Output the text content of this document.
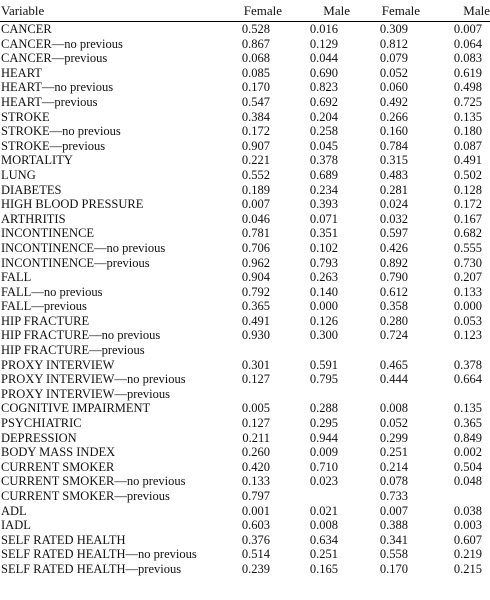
Variable	Female	Male	Female	Male
CANCER	0.528	0.016	0.309	0.007
CANCER—no previous	0.867	0.129	0.812	0.064
CANCER—previous	0.068	0.044	0.079	0.083
HEART	0.085	0.690	0.052	0.619
HEART—no previous	0.170	0.823	0.060	0.498
HEART—previous	0.547	0.692	0.492	0.725
STROKE	0.384	0.204	0.266	0.135
STROKE—no previous	0.172	0.258	0.160	0.180
STROKE—previous	0.907	0.045	0.784	0.087
MORTALITY	0.221	0.378	0.315	0.491
LUNG	0.552	0.689	0.483	0.502
DIABETES	0.189	0.234	0.281	0.128
HIGH BLOOD PRESSURE	0.007	0.393	0.024	0.172
ARTHRITIS	0.046	0.071	0.032	0.167
INCONTINENCE	0.781	0.351	0.597	0.682
INCONTINENCE—no previous	0.706	0.102	0.426	0.555
INCONTINENCE—previous	0.962	0.793	0.892	0.730
FALL	0.904	0.263	0.790	0.207
FALL—no previous	0.792	0.140	0.612	0.133
FALL—previous	0.365	0.000	0.358	0.000
HIP FRACTURE	0.491	0.126	0.280	0.053
HIP FRACTURE—no previous	0.930	0.300	0.724	0.123
HIP FRACTURE—previous				
PROXY INTERVIEW	0.301	0.591	0.465	0.378
PROXY INTERVIEW—no previous	0.127	0.795	0.444	0.664
PROXY INTERVIEW—previous				
COGNITIVE IMPAIRMENT	0.005	0.288	0.008	0.135
PSYCHIATRIC	0.127	0.295	0.052	0.365
DEPRESSION	0.211	0.944	0.299	0.849
BODY MASS INDEX	0.260	0.009	0.251	0.002
CURRENT SMOKER	0.420	0.710	0.214	0.504
CURRENT SMOKER—no previous	0.133	0.023	0.078	0.048
CURRENT SMOKER—previous	0.797		0.733	
ADL	0.001	0.021	0.007	0.038
IADL	0.603	0.008	0.388	0.003
SELF RATED HEALTH	0.376	0.634	0.341	0.607
SELF RATED HEALTH—no previous	0.514	0.251	0.558	0.219
SELF RATED HEALTH—previous	0.239	0.165	0.170	0.215
